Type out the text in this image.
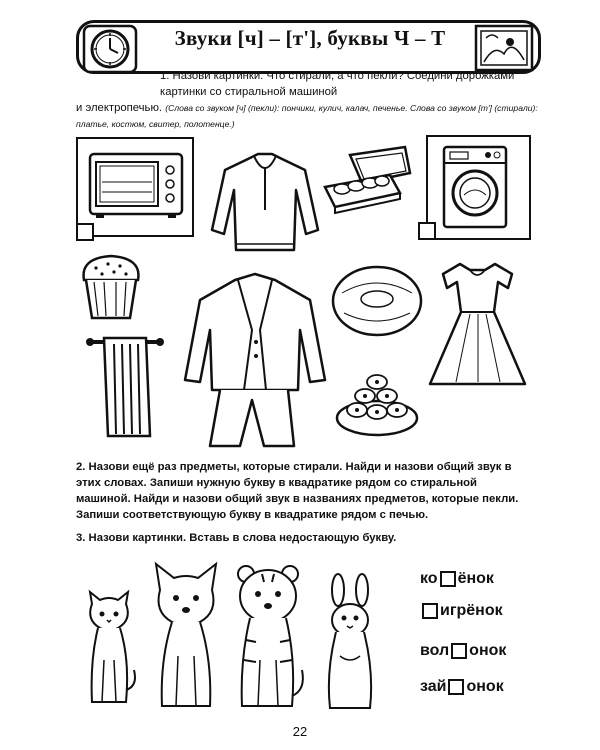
Звуки [ч] – [т'], буквы Ч – Т
1. Назови картинки. Что стирали, а что пекли? Соедини дорожками картинки со стиральной машиной
и электропечью. (Слова со звуком [ч] (пекли): пончики, кулич, калач, печенье. Слова со звуком [т'] (стирали): платье, костюм, свитер, полотенце.)
2. Назови ещё раз предметы, которые стирали. Найди и назови общий звук в этих словах. Запиши нужную букву в квадратике рядом со стиральной машиной. Найди и назови общий звук в названиях предметов, которые пекли. Запиши соответствующую букву в квадратике рядом с печью.
3. Назови картинки. Вставь в слова недостающую букву.
ко ёнок
игрёнок
вол онок
зай онок
22
